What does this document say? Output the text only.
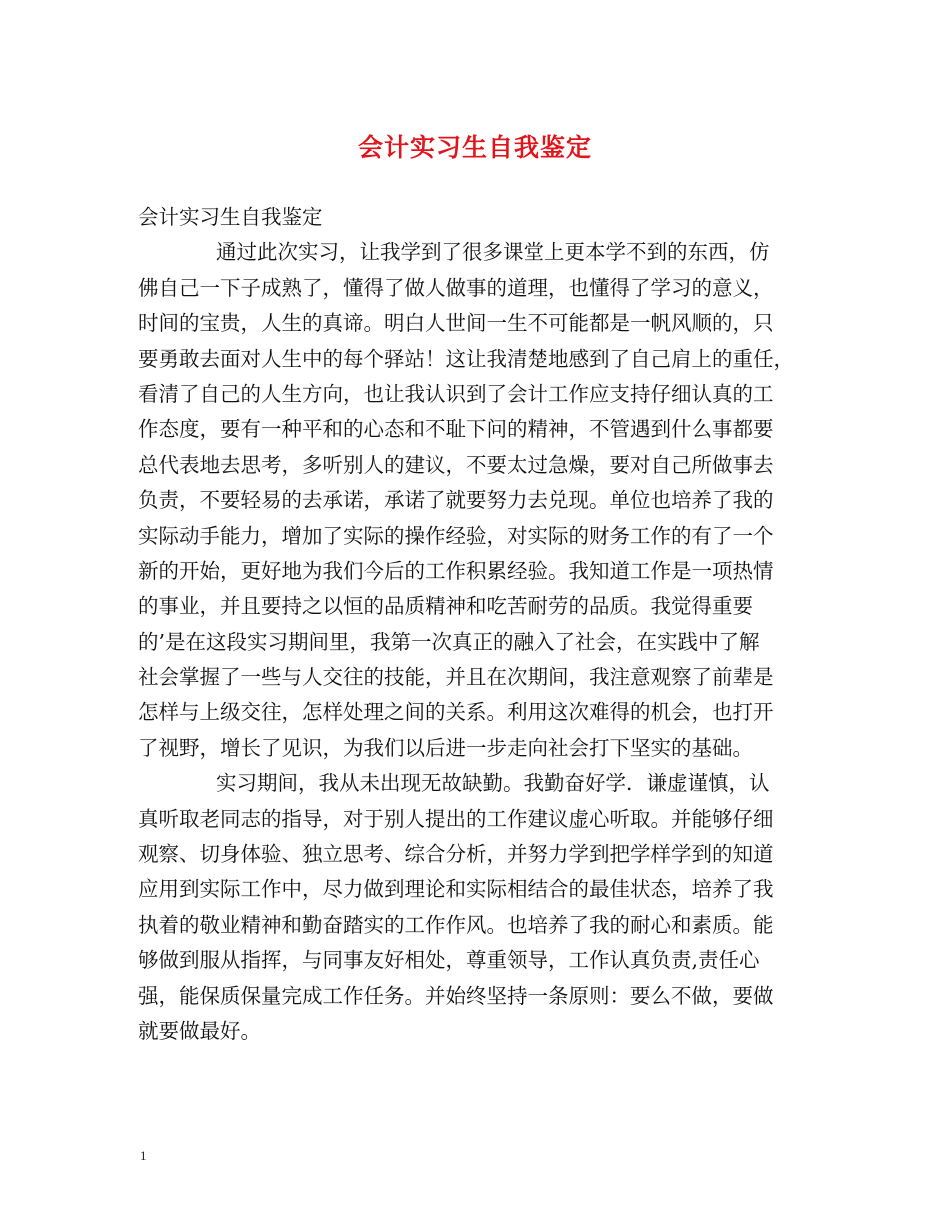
会计实习生自我鉴定
会计实习生自我鉴定
通过此次实习，让我学到了很多课堂上更本学不到的东西，仿
佛自己一下子成熟了，懂得了做人做事的道理，也懂得了学习的意义，
时间的宝贵，人生的真谛。明白人世间一生不可能都是一帆风顺的，只
要勇敢去面对人生中的每个驿站！这让我清楚地感到了自己肩上的重任，
看清了自己的人生方向，也让我认识到了会计工作应支持仔细认真的工
作态度，要有一种平和的心态和不耻下问的精神，不管遇到什么事都要
总代表地去思考，多听别人的建议，不要太过急燥，要对自己所做事去
负责，不要轻易的去承诺，承诺了就要努力去兑现。单位也培养了我的
实际动手能力，增加了实际的操作经验，对实际的财务工作的有了一个
新的开始，更好地为我们今后的工作积累经验。我知道工作是一项热情
的事业，并且要持之以恒的品质精神和吃苦耐劳的品质。我觉得重要
的’是在这段实习期间里，我第一次真正的融入了社会，在实践中了解
社会掌握了一些与人交往的技能，并且在次期间，我注意观察了前辈是
怎样与上级交往，怎样处理之间的关系。利用这次难得的机会，也打开
了视野，增长了见识，为我们以后进一步走向社会打下坚实的基础。
实习期间，我从未出现无故缺勤。我勤奋好学．谦虚谨慎，认
真听取老同志的指导，对于别人提出的工作建议虚心听取。并能够仔细
观察、切身体验、独立思考、综合分析，并努力学到把学样学到的知道
应用到实际工作中，尽力做到理论和实际相结合的最佳状态，培养了我
执着的敬业精神和勤奋踏实的工作作风。也培养了我的耐心和素质。能
够做到服从指挥，与同事友好相处，尊重领导，工作认真负责,责任心
强，能保质保量完成工作任务。并始终坚持一条原则：要么不做，要做
就要做最好。
1
